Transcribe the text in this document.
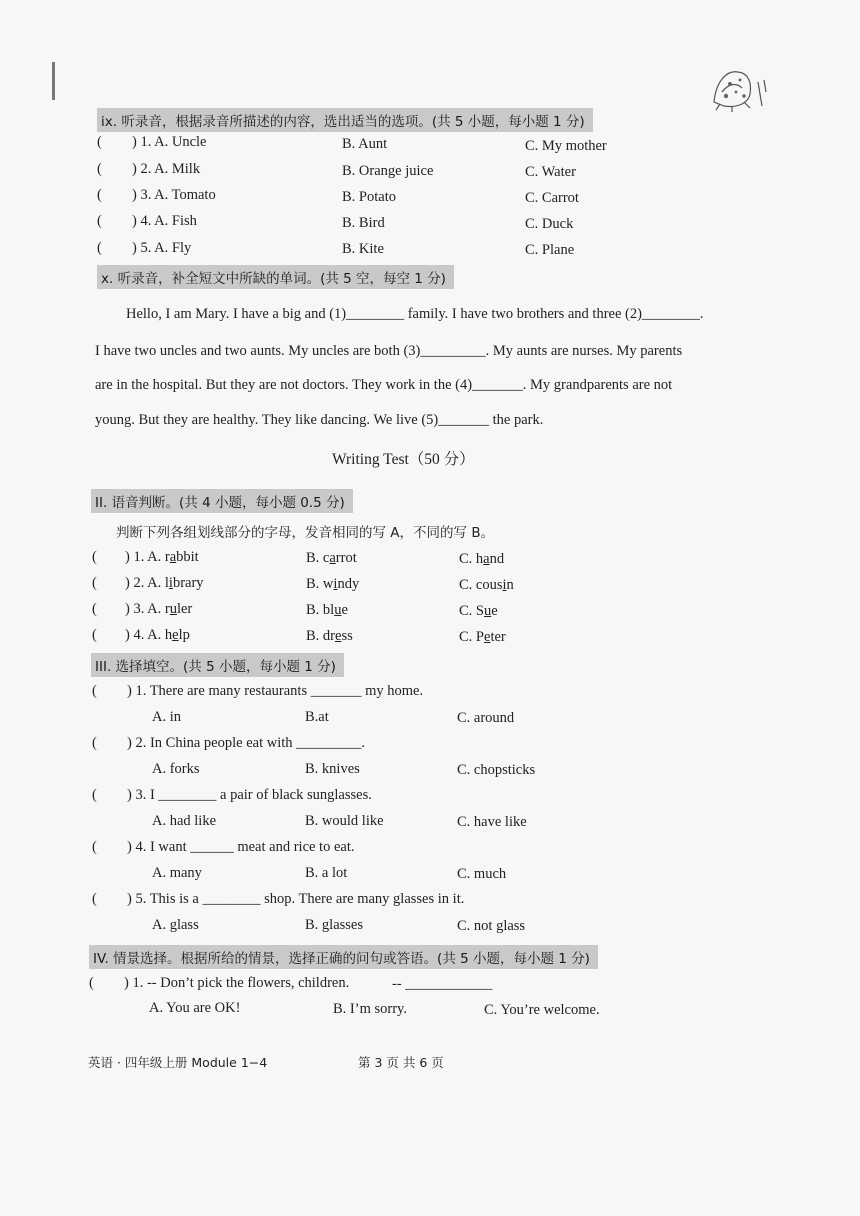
ix. 听录音，根据录音所描述的内容，选出适当的选项。(共 5 小题，每小题 1 分)
( ) 1. A. Uncle	B. Aunt	C. My mother
( ) 2. A. Milk	B. Orange juice	C. Water
( ) 3. A. Tomato	B. Potato	C. Carrot
( ) 4. A. Fish	B. Bird	C. Duck
( ) 5. A. Fly	B. Kite	C. Plane
x. 听录音，补全短文中所缺的单词。(共 5 空，每空 1 分)
Hello, I am Mary. I have a big and (1)________ family. I have two brothers and three (2)________.
I have two uncles and two aunts. My uncles are both (3)_________. My aunts are nurses. My parents
are in the hospital. But they are not doctors. They work in the (4)_______. My grandparents are not
young. But they are healthy. They like dancing. We live (5)_______ the park.
Writing Test（50 分）
II. 语音判断。(共 4 小题，每小题 0.5 分)
判断下列各组划线部分的字母，发音相同的写 A，不同的写 B。
( ) 1. A. rabbit	B. carrot	C. hand
( ) 2. A. library	B. windy	C. cousin
( ) 3. A. ruler	B. blue	C. Sue
( ) 4. A. help	B. dress	C. Peter
III. 选择填空。(共 5 小题，每小题 1 分)
( ) 1. There are many restaurants _______ my home.
A. in	B.at	C. around
( ) 2. In China people eat with _________.
A. forks	B. knives	C. chopsticks
( ) 3. I ________ a pair of black sunglasses.
A. had like	B. would like	C. have like
( ) 4. I want ______ meat and rice to eat.
A. many	B. a lot	C. much
( ) 5. This is a ________ shop. There are many glasses in it.
A. glass	B. glasses	C. not glass
IV. 情景选择。根据所给的情景，选择正确的问句或答语。(共 5 小题，每小题 1 分)
( ) 1. -- Don’t pick the flowers, children.	-- ____________
A. You are OK!	B. I’m sorry.	C. You’re welcome.
英语 · 四年级上册 Module 1−4	第 3 页 共 6 页
